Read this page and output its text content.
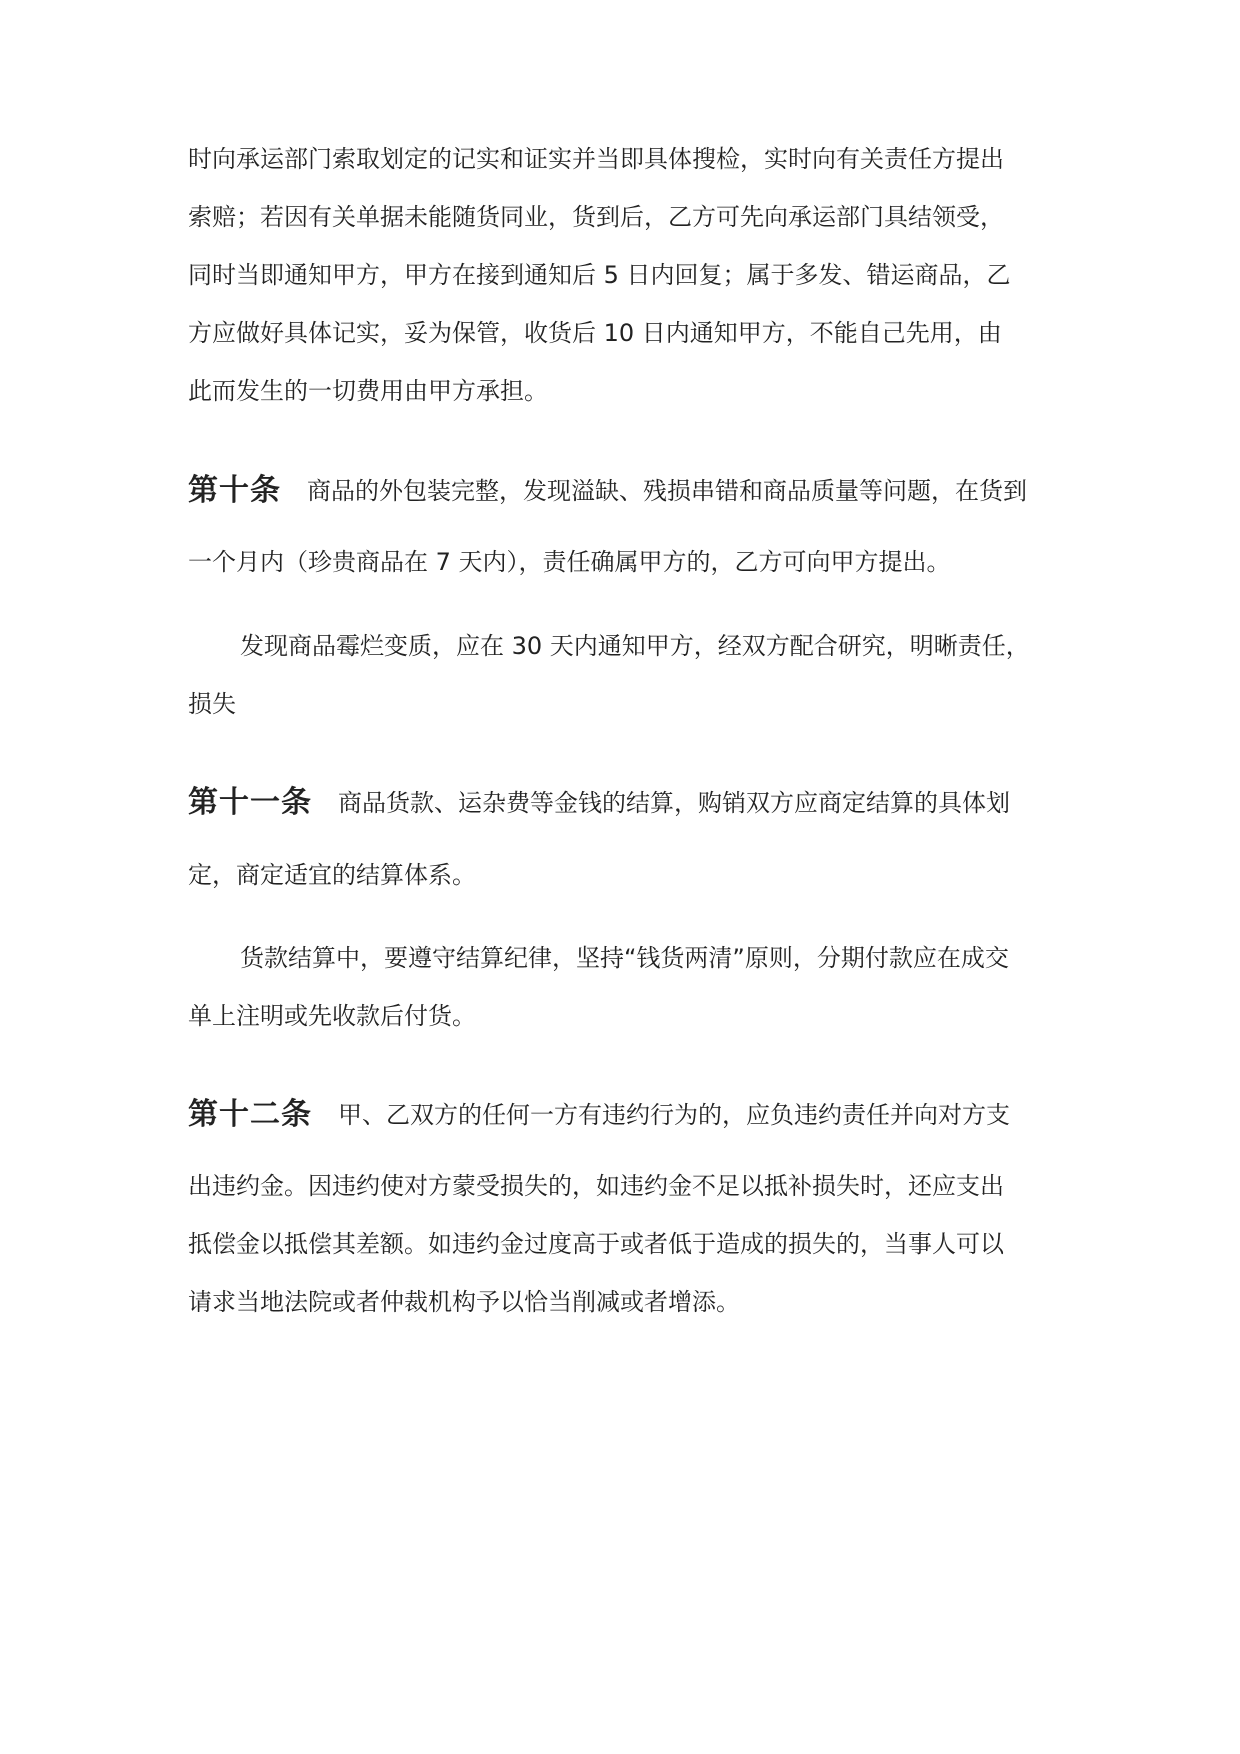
时向承运部门索取划定的记实和证实并当即具体搜检，实时向有关责任方提出
索赔；若因有关单据未能随货同业，货到后，乙方可先向承运部门具结领受，
同时当即通知甲方，甲方在接到通知后 5 日内回复；属于多发、错运商品，乙
方应做好具体记实，妥为保管，收货后 10 日内通知甲方，不能自己先用，由
此而发生的一切费用由甲方承担。
第十条 商品的外包装完整，发现溢缺、残损串错和商品质量等问题，在货到
一个月内（珍贵商品在 7 天内），责任确属甲方的，乙方可向甲方提出。
发现商品霉烂变质，应在 30 天内通知甲方，经双方配合研究，明晰责任，
损失
第十一条 商品货款、运杂费等金钱的结算，购销双方应商定结算的具体划
定，商定适宜的结算体系。
货款结算中，要遵守结算纪律，坚持“钱货两清”原则，分期付款应在成交
单上注明或先收款后付货。
第十二条 甲、乙双方的任何一方有违约行为的，应负违约责任并向对方支
出违约金。因违约使对方蒙受损失的，如违约金不足以抵补损失时，还应支出
抵偿金以抵偿其差额。如违约金过度高于或者低于造成的损失的，当事人可以
请求当地法院或者仲裁机构予以恰当削减或者增添。
